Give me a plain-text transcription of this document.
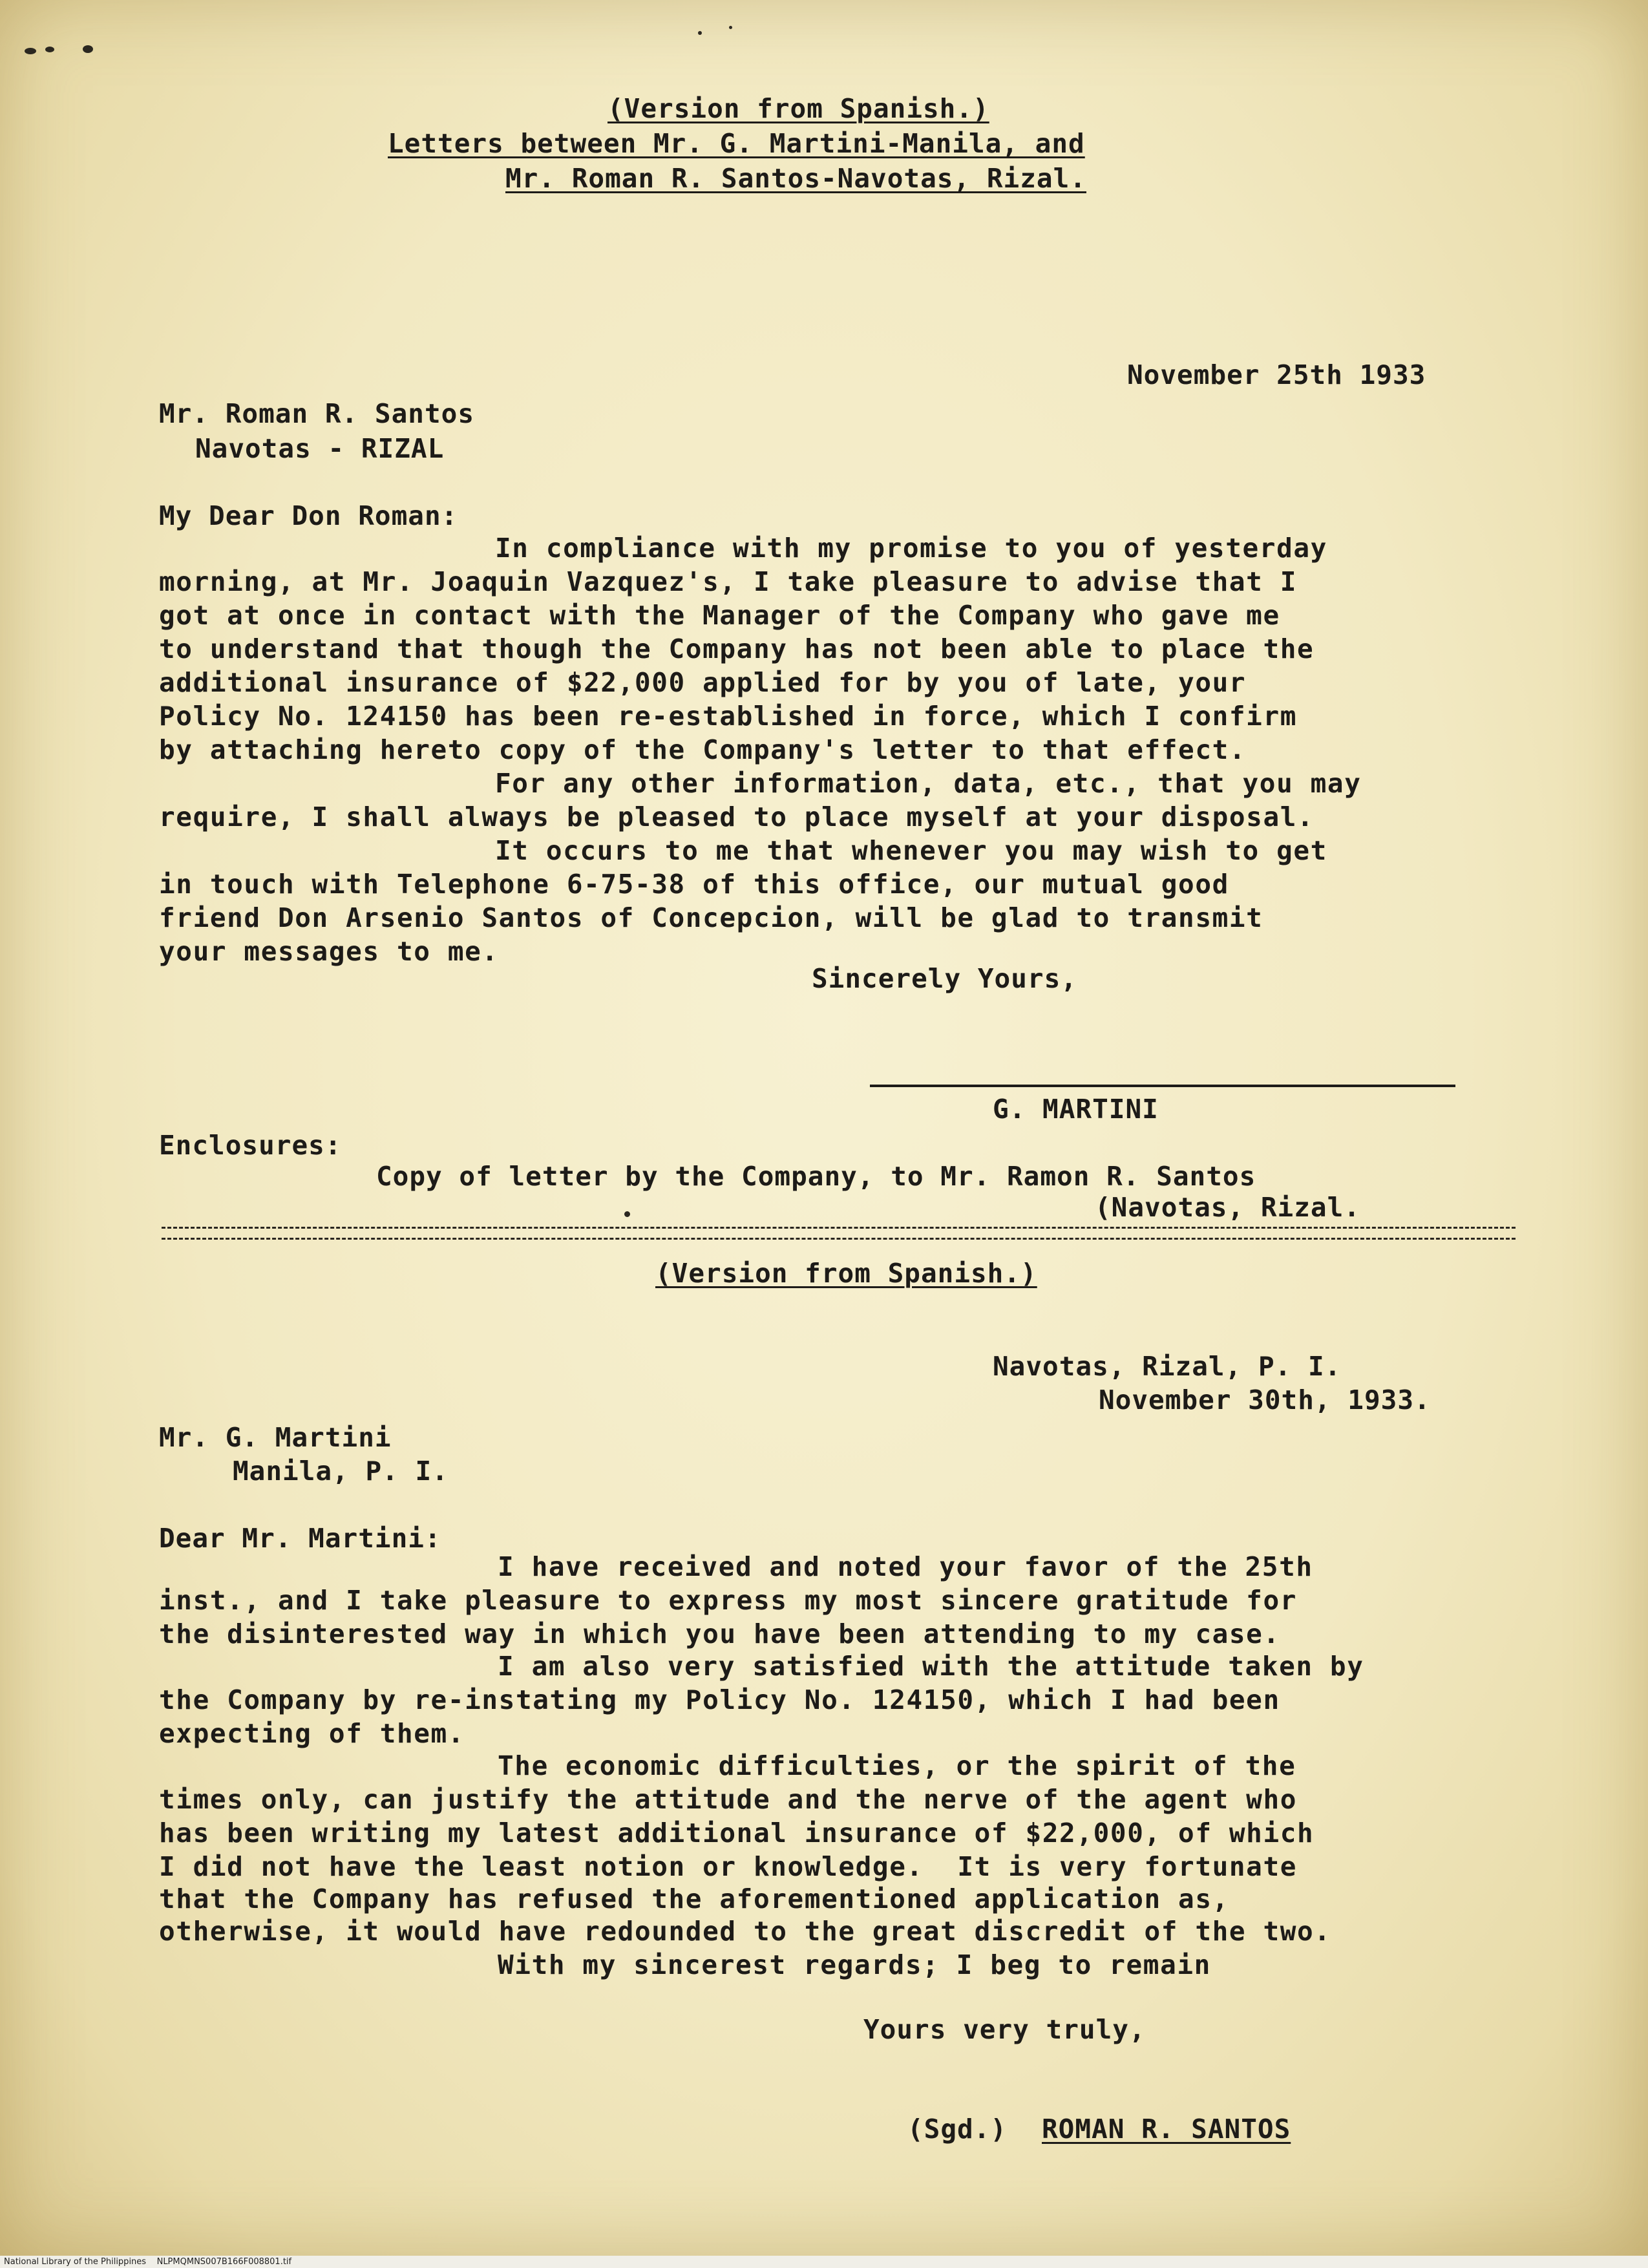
(Version from Spanish.)
Letters between Mr. G. Martini-Manila, and
Mr. Roman R. Santos-Navotas, Rizal.
November 25th 1933
Mr. Roman R. Santos
Navotas - RIZAL
My Dear Don Roman:
In compliance with my promise to you of yesterday
morning, at Mr. Joaquin Vazquez's, I take pleasure to advise that I
got at once in contact with the Manager of the Company who gave me
to understand that though the Company has not been able to place the
additional insurance of $22,000 applied for by you of late, your
Policy No. 124150 has been re-established in force, which I confirm
by attaching hereto copy of the Company's letter to that effect.
For any other information, data, etc., that you may
require, I shall always be pleased to place myself at your disposal.
It occurs to me that whenever you may wish to get
in touch with Telephone 6-75-38 of this office, our mutual good
friend Don Arsenio Santos of Concepcion, will be glad to transmit
your messages to me.
Sincerely Yours,
G. MARTINI
Enclosures:
Copy of letter by the Company, to Mr. Ramon R. Santos
(Navotas, Rizal.
(Version from Spanish.)
Navotas, Rizal, P. I.
November 30th, 1933.
Mr. G. Martini
Manila, P. I.
Dear Mr. Martini:
I have received and noted your favor of the 25th
inst., and I take pleasure to express my most sincere gratitude for
the disinterested way in which you have been attending to my case.
I am also very satisfied with the attitude taken by
the Company by re-instating my Policy No. 124150, which I had been
expecting of them.
The economic difficulties, or the spirit of the
times only, can justify the attitude and the nerve of the agent who
has been writing my latest additional insurance of $22,000, of which
I did not have the least notion or knowledge.  It is very fortunate
that the Company has refused the aforementioned application as,
otherwise, it would have redounded to the great discredit of the two.
With my sincerest regards; I beg to remain
Yours very truly,
(Sgd.) ROMAN R. SANTOS
National Library of the Philippines NLPMQMNS007B166F008801.tif
